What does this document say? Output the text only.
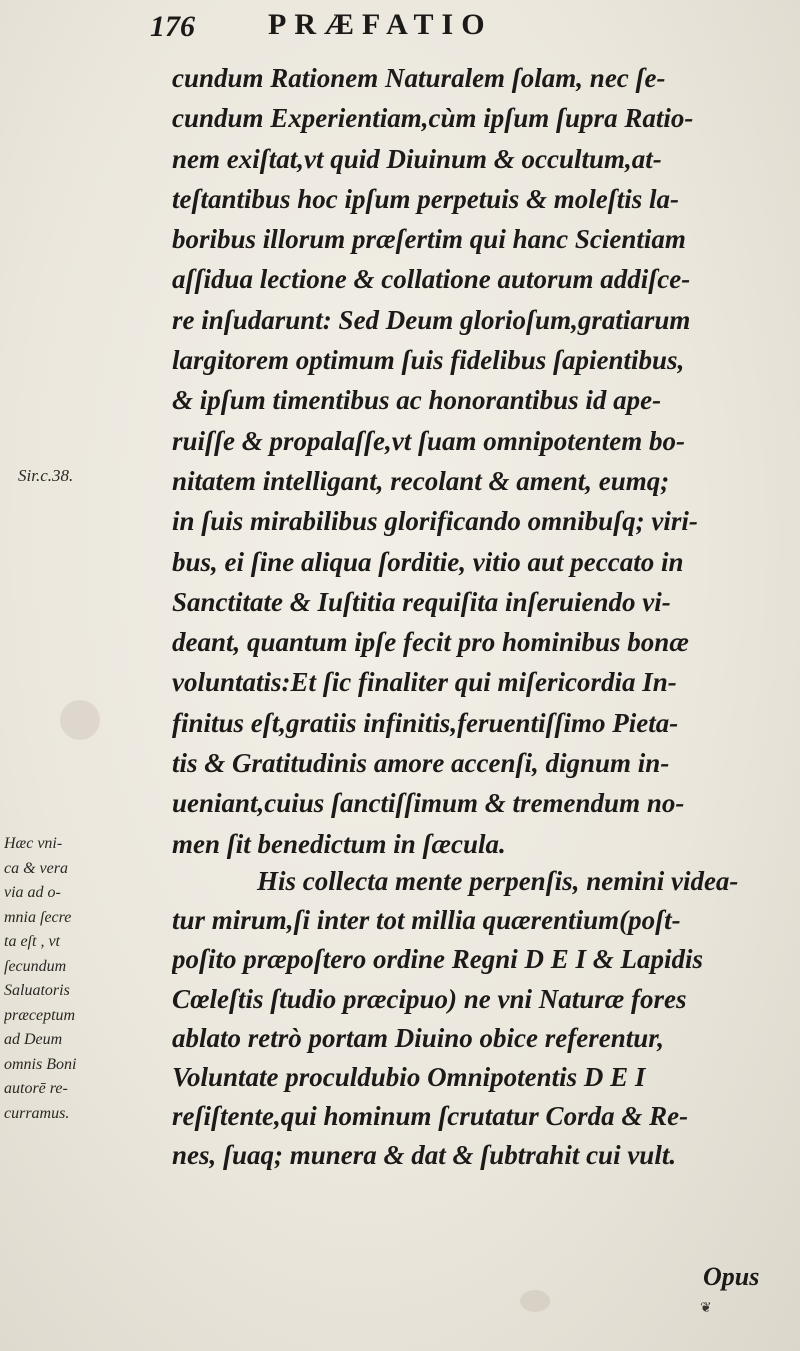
176 PRÆFATIO
Sir.c.38.
cundum Rationem Naturalem ſolam, nec ſe-
cundum Experientiam,cùm ipſum ſupra Ratio-
nem exiſtat,vt quid Diuinum & occultum,at-
teſtantibus hoc ipſum perpetuis & moleſtis la-
boribus illorum præſertim qui hanc Scientiam
aſſidua lectione & collatione autorum addiſce-
re inſudarunt: Sed Deum glorioſum,gratiarum
largitorem optimum ſuis fidelibus ſapientibus,
& ipſum timentibus ac honorantibus id ape-
ruiſſe & propalaſſe,vt ſuam omnipotentem bo-
nitatem intelligant, recolant & ament, eumq;
in ſuis mirabilibus glorificando omnibuſq; viri-
bus, ei ſine aliqua ſorditie, vitio aut peccato in
Sanctitate & Iuſtitia requiſita inſeruiendo vi-
deant, quantum ipſe fecit pro hominibus bonæ
voluntatis:Et ſic finaliter qui miſericordia In-
finitus eſt,gratiis infinitis,feruentiſſimo Pieta-
tis & Gratitudinis amore accenſi, dignum in-
ueniant,cuius ſanctiſſimum & tremendum no-
men ſit benedictum in ſæcula.
His collecta mente perpenſis, nemini videa-
tur mirum,ſi inter tot millia quærentium(poſt-
poſito præpoſtero ordine Regni D E I & Lapidis
Cœleſtis ſtudio præcipuo) ne vni Naturæ fores
ablato retrò portam Diuino obice referentur,
Voluntate proculdubio Omnipotentis D E I
reſiſtente,qui hominum ſcrutatur Corda & Re-
nes, ſuaq; munera & dat & ſubtrahit cui vult.
Hæc vni-
ca & vera
via ad o-
mnia ſecre
ta eſt , vt
ſecundum
Saluatoris
præceptum
ad Deum
omnis Boni
autorē re-
curramus.
Opus
❦
